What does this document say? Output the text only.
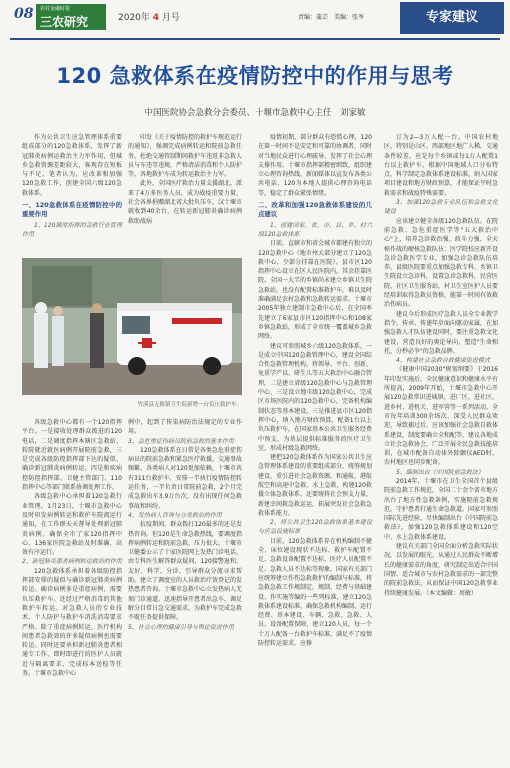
08 农村金融时报
三农研究	2020年 4 月号	责编：蒲芸　美编：张岑	专家建议
120 急救体系在疫情防控中的作用与思考
中国医院协会急救分会委员、十堰市急救中心主任　刘家敏

作为公共卫生应急管理体系重要组成部分的120急救体系，发挥了新冠肺炎病例运救治主力军作用，但城乡急救资源差距较大，客观存在短板与不足。笔者认为，应改革和加强120急救工作，创建全国六级120急救体系。

一、120急救体系在疫情防控中的重要作用

1、120调度指挥的急救行业管理作用

印发《关于疫情防控的救护车规范运行的通知》，强调完成病例转运和院前急救任务，杜绝交通管制期间救护车违返非急救人员与车违等违规，严格清洁消毒和个人防护等。各地救护车成为转运救治主力军。

此外，全国医疗救治力量支援湖北，派来了4万多医务人员，成为战疫重要力量，社会各界捐赠湖北省大批负压车，汉十堰市就收到40余台，在转运新冠肺炎确诊病例救助战病

竹溪县无陈镇卫生院新增一台负压救护车。

各级急救中心都有一个120指挥平台。一是接收处理群众拨进的120电话，二是调度指挥本辖区急救站、转院就近就医病例开展院前急救，三是完成各级防控指挥部下达的疑似、确诊新冠肺炎病例转运，四是和疾病控防控指挥部、卫健主管部门、110指挥中心等部门联系协调处理工作。

各级急救中心承担着120急救行业管理。1月23日，十堰市急救中心及时印发病例转运和救护车院流运行通知，在工作群天天督导处理新冠肺炎病例。确保全市了家120指挥中心、136家医院急救站及时准确、高效有序运行。

2、新冠肺炎患者病例转运救治的作用

120急救体系承担着各级防控指挥部安排的疑似与确诊新冠肺炎病例转运。确诊病例多是重症病例，需要负压救护车。还经过严格消毒的其他救护车转运。对急救人员的专业技术、个人防护与救护车消洗消毒要求严格。除了重症病例转运，医疗机构间患者急救效的许多疑似病例也需要转运。同时还要承担新冠肺炎患者相通专工作、即时即进行的医护人员就近与隔离要求，完成标本送检等任务。十堰市急救中心

例中，起到了传染病防治法规定的专业作用。

3、急危重症伤病员院前急救的基本作用

120急救体系在日常是各类急危重症伤病员的院前急救和紧急医疗救援。交通事故频繁，各类病人对120更加依赖，十堰市共有311台救护车，安排一半执行疫情防控转运任务，一半负责日常院前急救，2个月完成急救出车3.9万台次，没有出现任何急救事故和纠纷。

4、发热病人咨询与分类救治的作用

抗疫期间，群众拨打120最多的还是发热咨询。但120是生命急救热线，要调度指挥病例转运和院前急救，压力很大。十堰市卫健委公示了十家医院网上发热门诊电话，由专科医生解答群众疑问，120接警退和、友好、科学、分诊，引导群众分流寻求帮助。建立了调度室的人员救治疗效登记的发热患者咨询。十堰市急救中心立发热病人无须门诊通道，迅速指导开患者出急车，调足解分目常日急交通需求，为救护车完成急救不耽任务提供保障。

5、社会心理的健康引导与舆论促进作用

疫情初期，部分群众有恐慌心理，120在第一时间不是安定和可靠的协调者，同时对当地民众进行心理疏导。发挥了社会心理支撑作用。十堰市指挥部精密细致，组织建立心理咨询热线，新闻媒体以宣发布各类公共电话、120为本地人提供心理咨询电话等，稳定了群众紧张情绪。

二、改革和加强120急救体系建设的几点建议

1、创建国家、省、市、县、乡、村六级120急救体系

目前，直辖市和省会城市都建有独立的120急救中心（地市州大部分建立了120急救中心，少部分挂靠在医院）。县市区120指挥中心设立在区人民医院内，其余挂靠医院。全国一大半的乡镇尚未建立乡镇卫生院急救站，也没有配置标准救护车，难以及时准确满足农村急救和急救转运需求。十堰市2005年独立建制市急救中心后，在全国率先建立了6家县市区120指挥中心和108家乡镇急救站，形成了全市统一覆盖城乡急救网络。

建议可参照城乡六级120急救体系，一是成立中国120急救管理中心，建设全国综合性急救管理机构，将领导、平台、创新、免重学产以、研生儿等五大救治中心融合管理，二是建立省级120急救中心与急救管理中心，三是设立地市级120急救中心，完成区市场医院内的120急救中心，完备机构编制状态等基本建设，三是推进县市区120指挥中心，纳入地方财政预算，配备1台以上负压救护车，在国家基本公共卫生服务经费中预支，为基层提供标准服务的医疗卫生室，形成村级急救网络。

建把120急救体系作为国家公共卫生应急管理体系建设的重要组成部分，统筹规划建设，重引进社会急救资源，和通航、港航航空和高速中急救、水上急救，构建120救援立体急救体系。还要统将社会预支力量，新建幸间救急救运运，拓展突发社会急救急救体系能力。

2、将公共卫生120急救体系基本建设与应急设施标准

目前，120急救体系存在机构编制不健全、床位建设现状不达标、救护车配置不足、急救设备配置不达标、医疗人员配置不足、急救人员不达标等现象。国家有关部门应统筹建立作伤急救救护的编制与标准，将急救急救工作规制定，规制、经费与基础建设、作实施等编的一些列标准，建立120急救体系建设标准，确保急救机构编制、运行经费、基本建设、车辆、急救、急救、人员、设备配置保障，建立120人员，每一个十万人配备一台救护车标准，满足不了疫情防控转运需求，应修

订为2—3万人配一台。中国农村地区、特别是山区、西部地区地广人稀，交通条件较差，应是每个乡镇或每1万人配置1台以上救护车，根据中国地域人口分布特点，科学制定急救体系建设标准，纳入国家项目建设和地方财政预算，才能保证平时急救需求和战疫特殊需要。

3、加强120急救专业队伍和急救文化建设

应该建立健全各级120急救队伍。在院前急救、急危重症医学等"五大救治中心"上，培养急诊救治强、政斗力强、全天候作战的硬核急救队伍：医学院校应新开设急诊急救医学专业，加强急诊急救队伍培养，县级医院要重点加强急救专科、乡镇卫生院设立急诊科，设置急诊急救科，民营医院、社区卫生服务站，村卫生室医护人员要经培训取得急救员资格，能第一时间有效救治伤病员。

建议今后形成医疗急救人员全专业教学指令，传承、传递年岁面向躯动家属，在加强急救人才队伍建设同时，要注重急救文化建设，营造良好的奥论导向，塑造"生命相托，分秒必争"的急救品牌。

4、构建社会急救自救健康促进模式

《健康中国2030"规划纲要》于2016年印发实施后，全民健康意识和健康水平有所提高，2009年开始，十堰市急救中心开展120急救常识进城镇、进厂区、进社区、进乡村、进机关、进军营等一系列活动，全市每年培训300余场次，深受人民群众欢迎，导致捕过后，应该加强社会急救自救体系建设，制度要确立全和配等，建议各地成立社会急救协会，广泛开展全民急救技能培训，在城市配备自动体外除颤仪AED时，农村地区也同步配备。

5、编制出台《中国院前急救法》

2014年，十堰市在卫生全国首个县级院前急救工作规范，全国二十余个省市地方出台了地方性急救条例，实施院前急救规范。守护患者打通生命急救道。国家可参照国际先进经验，尽快编制出台《中国院前急救法》，加强120急救体系建设和120空中、水上急救体系建设。

建议有关部门全国全面分析急救实际状况，以发展的眼光，从通过人民群众不断增长的健康需求的角度，研究制定出适合中国国情、适合城市与农村急救需求的一部完整的院前急救法，从而保证中国120急救事业持续健康发展。（本文编辑：周敏）
